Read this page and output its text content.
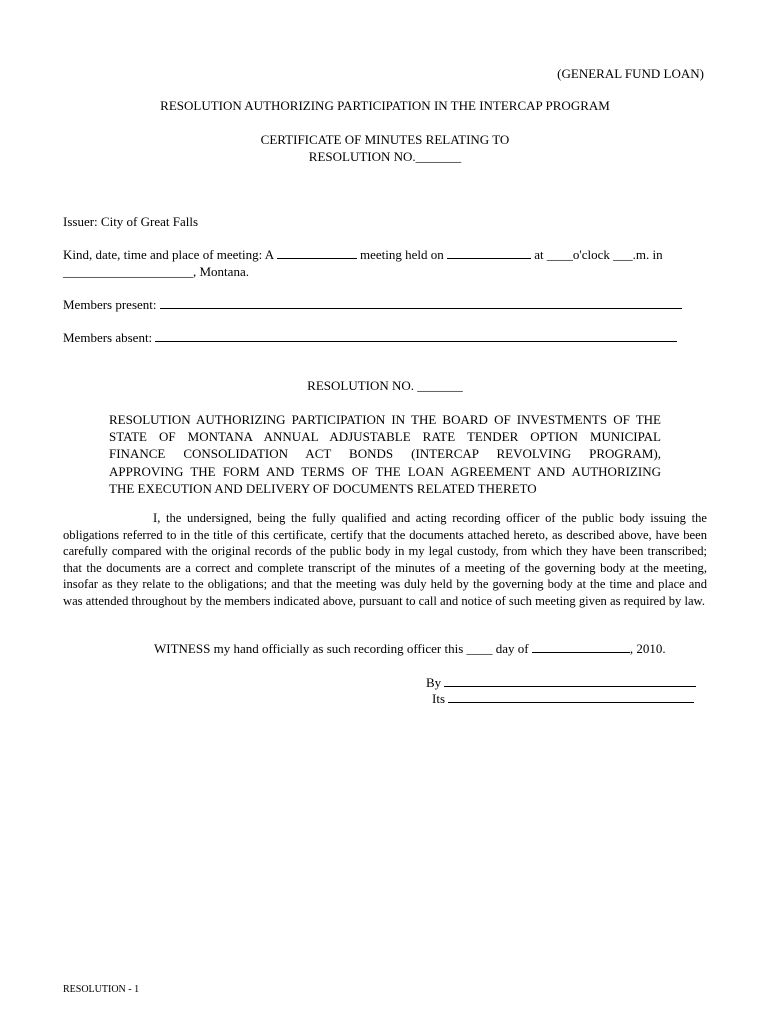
(GENERAL FUND LOAN)
RESOLUTION AUTHORIZING PARTICIPATION IN THE INTERCAP PROGRAM
CERTIFICATE OF MINUTES RELATING TO
RESOLUTION NO._______
Issuer: City of Great Falls
Kind, date, time and place of meeting: A	meeting held on	at ____o'clock ___.m. in
____________________, Montana.
Members present:
Members absent:
RESOLUTION NO. _______
RESOLUTION AUTHORIZING PARTICIPATION IN THE BOARD OF INVESTMENTS OF THE
STATE OF MONTANA ANNUAL ADJUSTABLE RATE TENDER OPTION MUNICIPAL
FINANCE CONSOLIDATION ACT BONDS (INTERCAP REVOLVING PROGRAM),
APPROVING THE FORM AND TERMS OF THE LOAN AGREEMENT AND AUTHORIZING
THE EXECUTION AND DELIVERY OF DOCUMENTS RELATED THERETO
I, the undersigned, being the fully qualified and acting recording officer of the public body issuing the obligations referred to in the title of this certificate, certify that the documents attached hereto, as described above, have been carefully compared with the original records of the public body in my legal custody, from which they have been transcribed; that the documents are a correct and complete transcript of the minutes of a meeting of the governing body at the meeting, insofar as they relate to the obligations; and that the meeting was duly held by the governing body at the time and place and was attended throughout by the members indicated above, pursuant to call and notice of such meeting given as required by law.
WITNESS my hand officially as such recording officer this ____ day of	, 2010.
By
Its
RESOLUTION - 1
